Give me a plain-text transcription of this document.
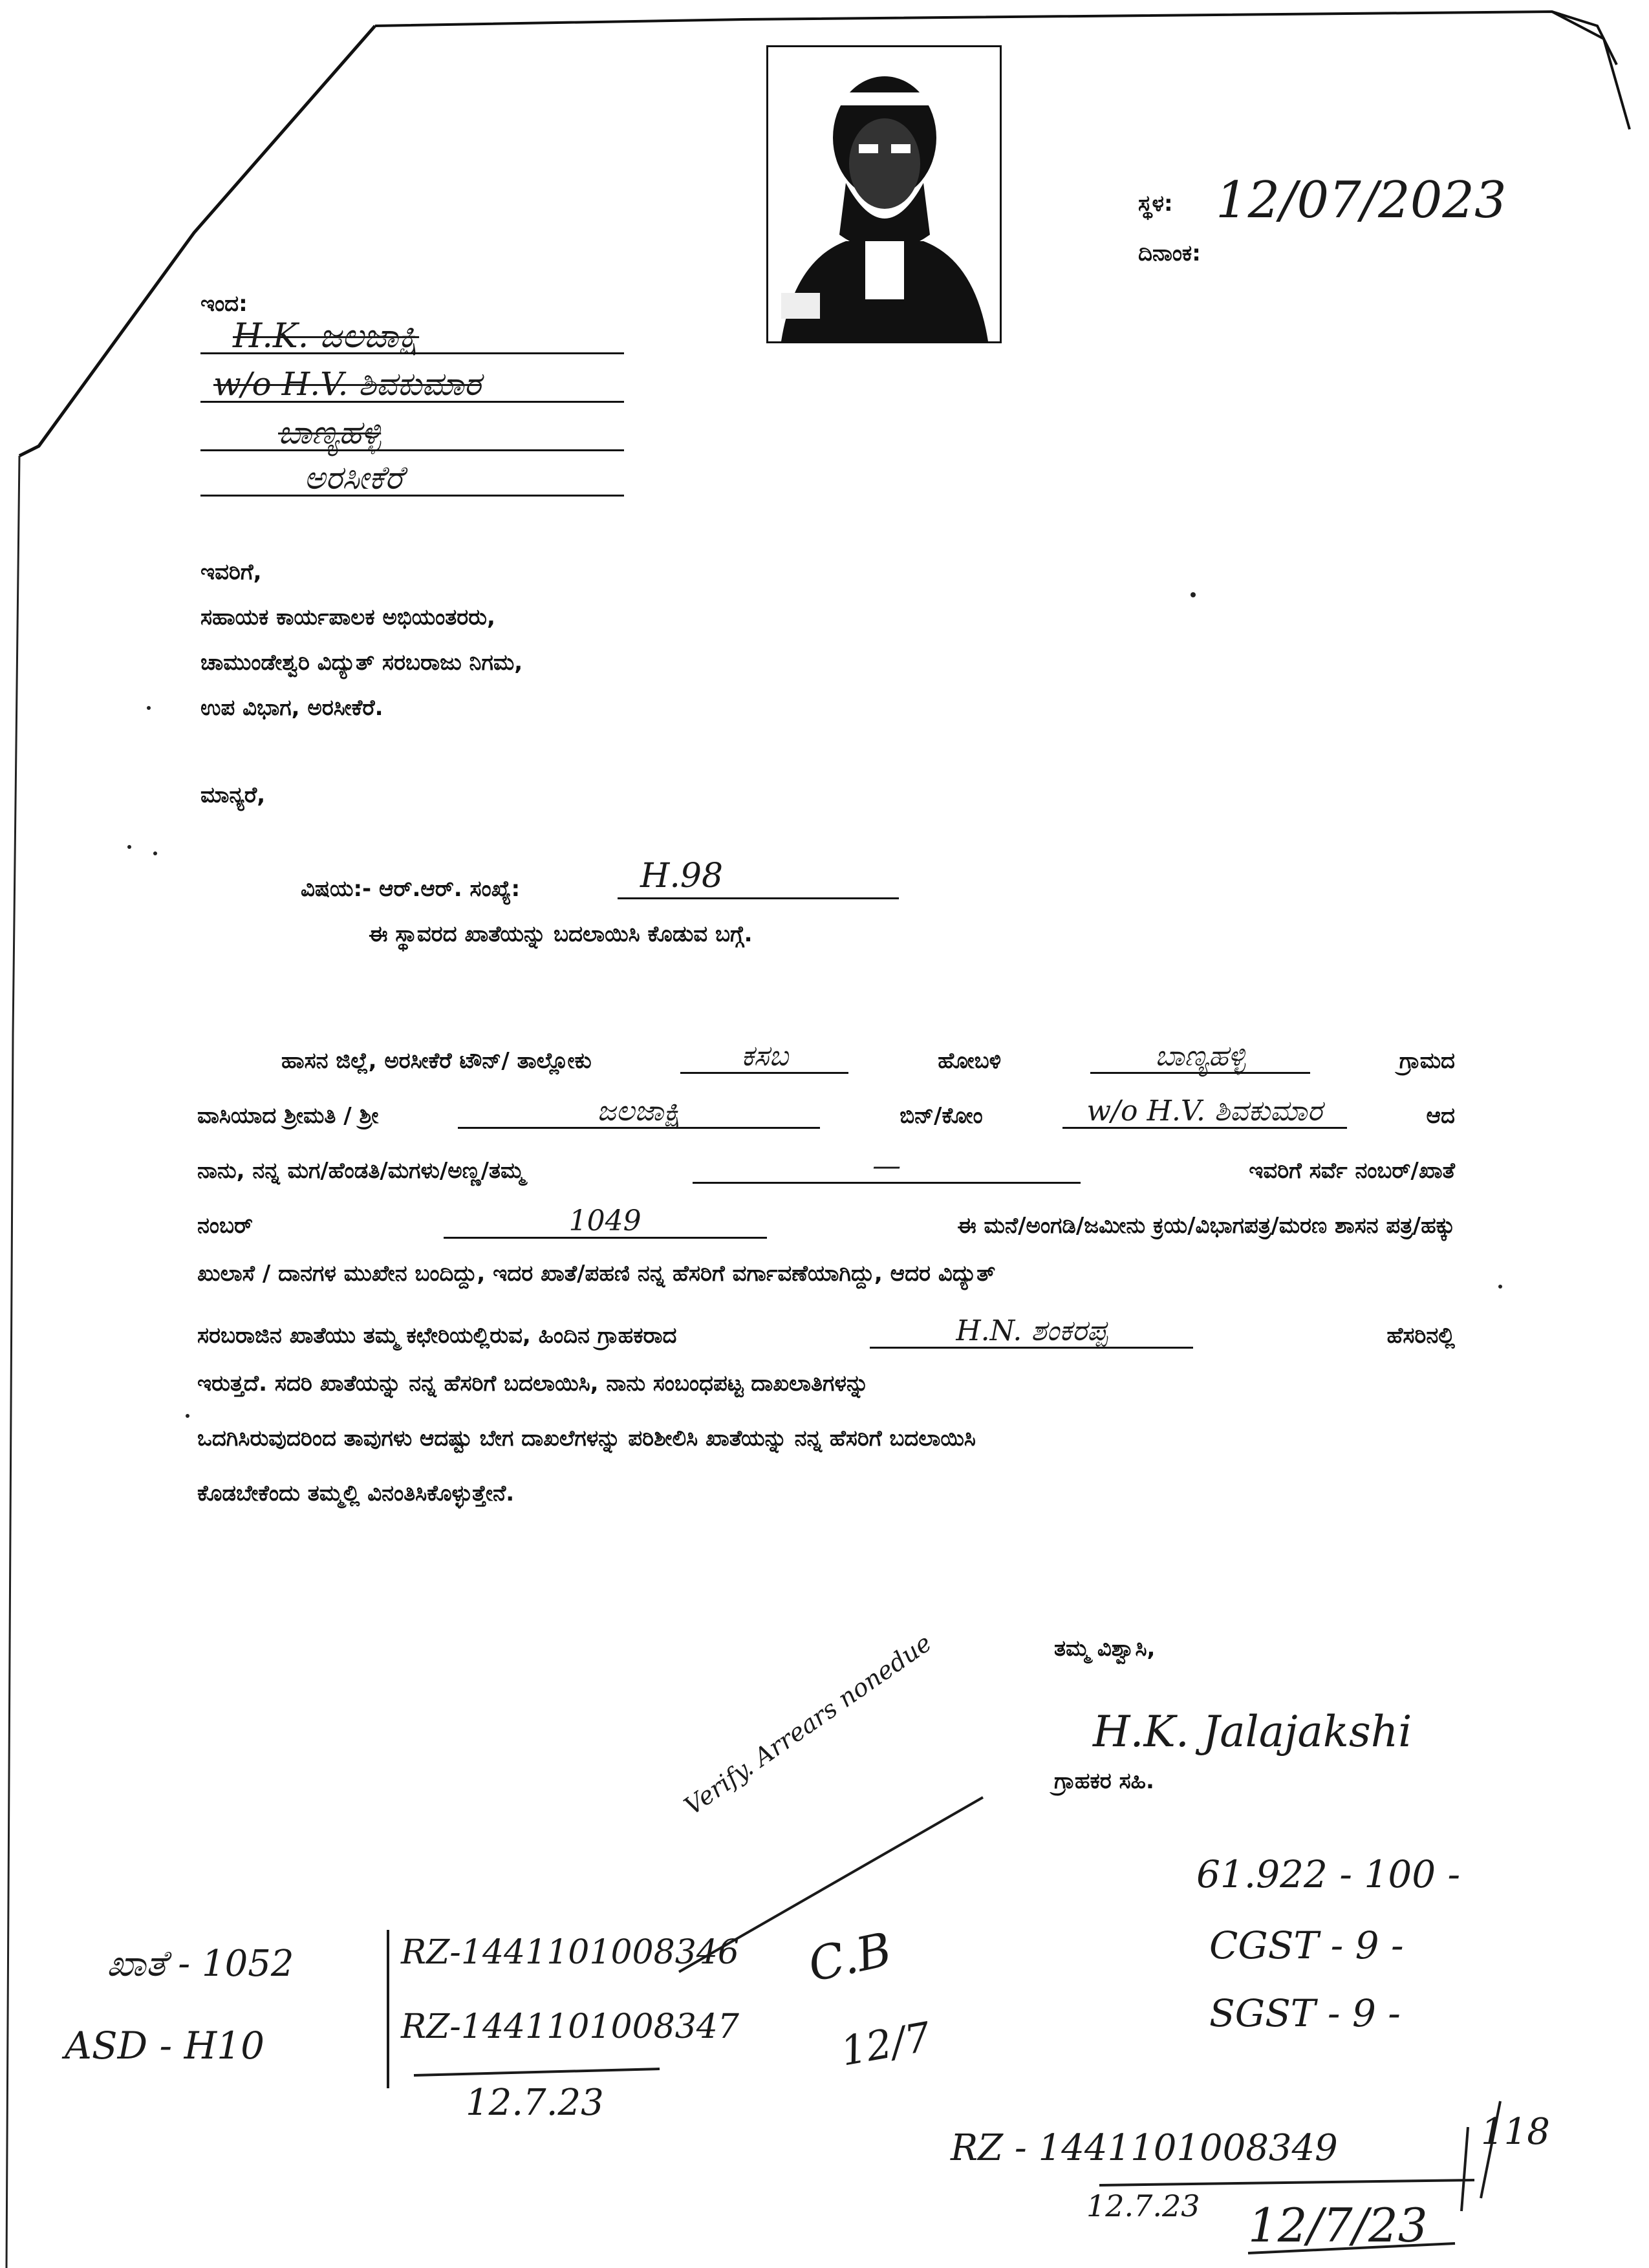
ಸ್ಥಳ: 12/07/2023
ದಿನಾಂಕ:
ಇಂದ:
H.K. ಜಲಜಾಕ್ಷಿ
w/o H.V. ಶಿವಕುಮಾರ
ಬಾಣ್ಯಹಳ್ಳಿ
ಅರಸೀಕೆರೆ
ಇವರಿಗೆ,
ಸಹಾಯಕ ಕಾರ್ಯಪಾಲಕ ಅಭಿಯಂತರರು,
ಚಾಮುಂಡೇಶ್ವರಿ ವಿದ್ಯುತ್ ಸರಬರಾಜು ನಿಗಮ,
ಉಪ ವಿಭಾಗ, ಅರಸೀಕೆರೆ.
ಮಾನ್ಯರೆ,
ವಿಷಯ:- ಆರ್.ಆರ್. ಸಂಖ್ಯೆ:	H.98
ಈ ಸ್ಥಾವರದ ಖಾತೆಯನ್ನು ಬದಲಾಯಿಸಿ ಕೊಡುವ ಬಗ್ಗೆ.
ಹಾಸನ ಜಿಲ್ಲೆ, ಅರಸೀಕೆರೆ ಟೌನ್/ ತಾಲ್ಲೋಕು	ಕಸಬ	ಹೋಬಳಿ	ಬಾಣ್ಯಹಳ್ಳಿ	ಗ್ರಾಮದ
ವಾಸಿಯಾದ ಶ್ರೀಮತಿ / ಶ್ರೀ	ಜಲಜಾಕ್ಷಿ	ಬಿನ್/ಕೋಂ	w/o H.V. ಶಿವಕುಮಾರ	ಆದ
ನಾನು, ನನ್ನ ಮಗ/ಹೆಂಡತಿ/ಮಗಳು/ಅಣ್ಣ/ತಮ್ಮ	—	ಇವರಿಗೆ ಸರ್ವೆ ನಂಬರ್/ಖಾತೆ
ನಂಬರ್	1049	ಈ ಮನೆ/ಅಂಗಡಿ/ಜಮೀನು ಕ್ರಯ/ವಿಭಾಗಪತ್ರ/ಮರಣ ಶಾಸನ ಪತ್ರ/ಹಕ್ಕು
ಖುಲಾಸೆ / ದಾನಗಳ ಮುಖೇನ ಬಂದಿದ್ದು, ಇದರ ಖಾತೆ/ಪಹಣಿ ನನ್ನ ಹೆಸರಿಗೆ ವರ್ಗಾವಣೆಯಾಗಿದ್ದು, ಆದರ ವಿದ್ಯುತ್
ಸರಬರಾಜಿನ ಖಾತೆಯು ತಮ್ಮ ಕಛೇರಿಯಲ್ಲಿರುವ, ಹಿಂದಿನ ಗ್ರಾಹಕರಾದ	H.N. ಶಂಕರಪ್ಪ	ಹೆಸರಿನಲ್ಲಿ
ಇರುತ್ತದೆ. ಸದರಿ ಖಾತೆಯನ್ನು ನನ್ನ ಹೆಸರಿಗೆ ಬದಲಾಯಿಸಿ, ನಾನು ಸಂಬಂಧಪಟ್ಟ ದಾಖಲಾತಿಗಳನ್ನು
ಒದಗಿಸಿರುವುದರಿಂದ ತಾವುಗಳು ಆದಷ್ಟು ಬೇಗ ದಾಖಲೆಗಳನ್ನು ಪರಿಶೀಲಿಸಿ ಖಾತೆಯನ್ನು ನನ್ನ ಹೆಸರಿಗೆ ಬದಲಾಯಿಸಿ
ಕೊಡಬೇಕೆಂದು ತಮ್ಮಲ್ಲಿ ವಿನಂತಿಸಿಕೊಳ್ಳುತ್ತೇನೆ.
ತಮ್ಮ ವಿಶ್ವಾಸಿ,
H.K. Jalajakshi
ಗ್ರಾಹಕರ ಸಹಿ.
Verify. Arrears nonedue
ಖಾತೆ - 1052
ASD - H10
RZ-1441101008346
RZ-1441101008347
12.7.23
C.B
12/7
61.922 - 100 -
CGST - 9 -
SGST - 9 -
RZ - 1441101008349	118
12.7.23 12/7/23
